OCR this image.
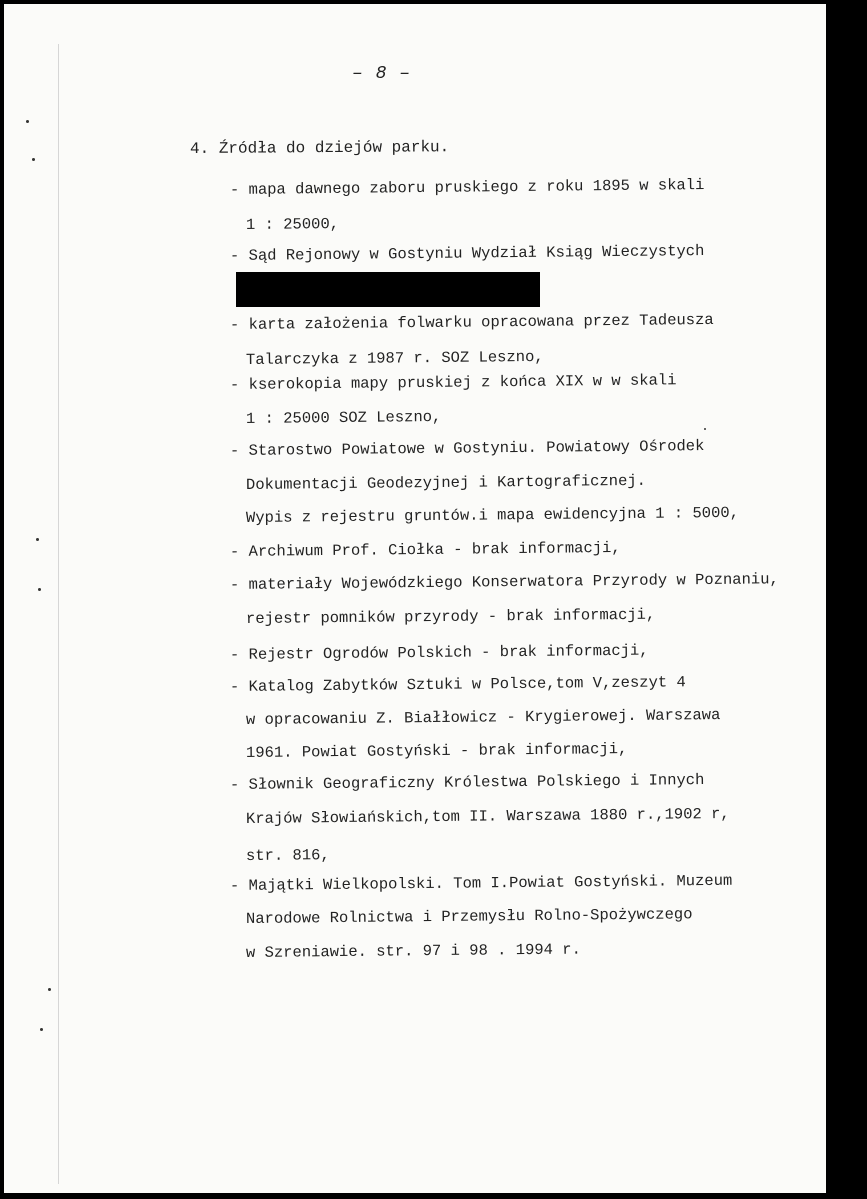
– 8 –
4. Źródła do dziejów parku.
- mapa dawnego zaboru pruskiego z roku 1895 w skali
1 : 25000,
- Sąd Rejonowy w Gostyniu Wydział Ksiąg Wieczystych
- karta założenia folwarku opracowana przez Tadeusza
Talarczyka z 1987 r. SOZ Leszno,
- kserokopia mapy pruskiej z końca XIX w w skali
1 : 25000 SOZ Leszno,
- Starostwo Powiatowe w Gostyniu. Powiatowy Ośrodek
Dokumentacji Geodezyjnej i Kartograficznej.
Wypis z rejestru gruntów.i mapa ewidencyjna 1 : 5000,
- Archiwum Prof. Ciołka - brak informacji,
- materiały Wojewódzkiego Konserwatora Przyrody w Poznaniu,
rejestr pomników przyrody - brak informacji,
- Rejestr Ogrodów Polskich - brak informacji,
- Katalog Zabytków Sztuki w Polsce,tom V,zeszyt 4
w opracowaniu Z. Białłowicz - Krygierowej. Warszawa
1961. Powiat Gostyński - brak informacji,
- Słownik Geograficzny Królestwa Polskiego i Innych
Krajów Słowiańskich,tom II. Warszawa 1880 r.,1902 r,
str. 816,
- Majątki Wielkopolski. Tom I.Powiat Gostyński. Muzeum
Narodowe Rolnictwa i Przemysłu Rolno-Spożywczego
w Szreniawie. str. 97 i 98 . 1994 r.
